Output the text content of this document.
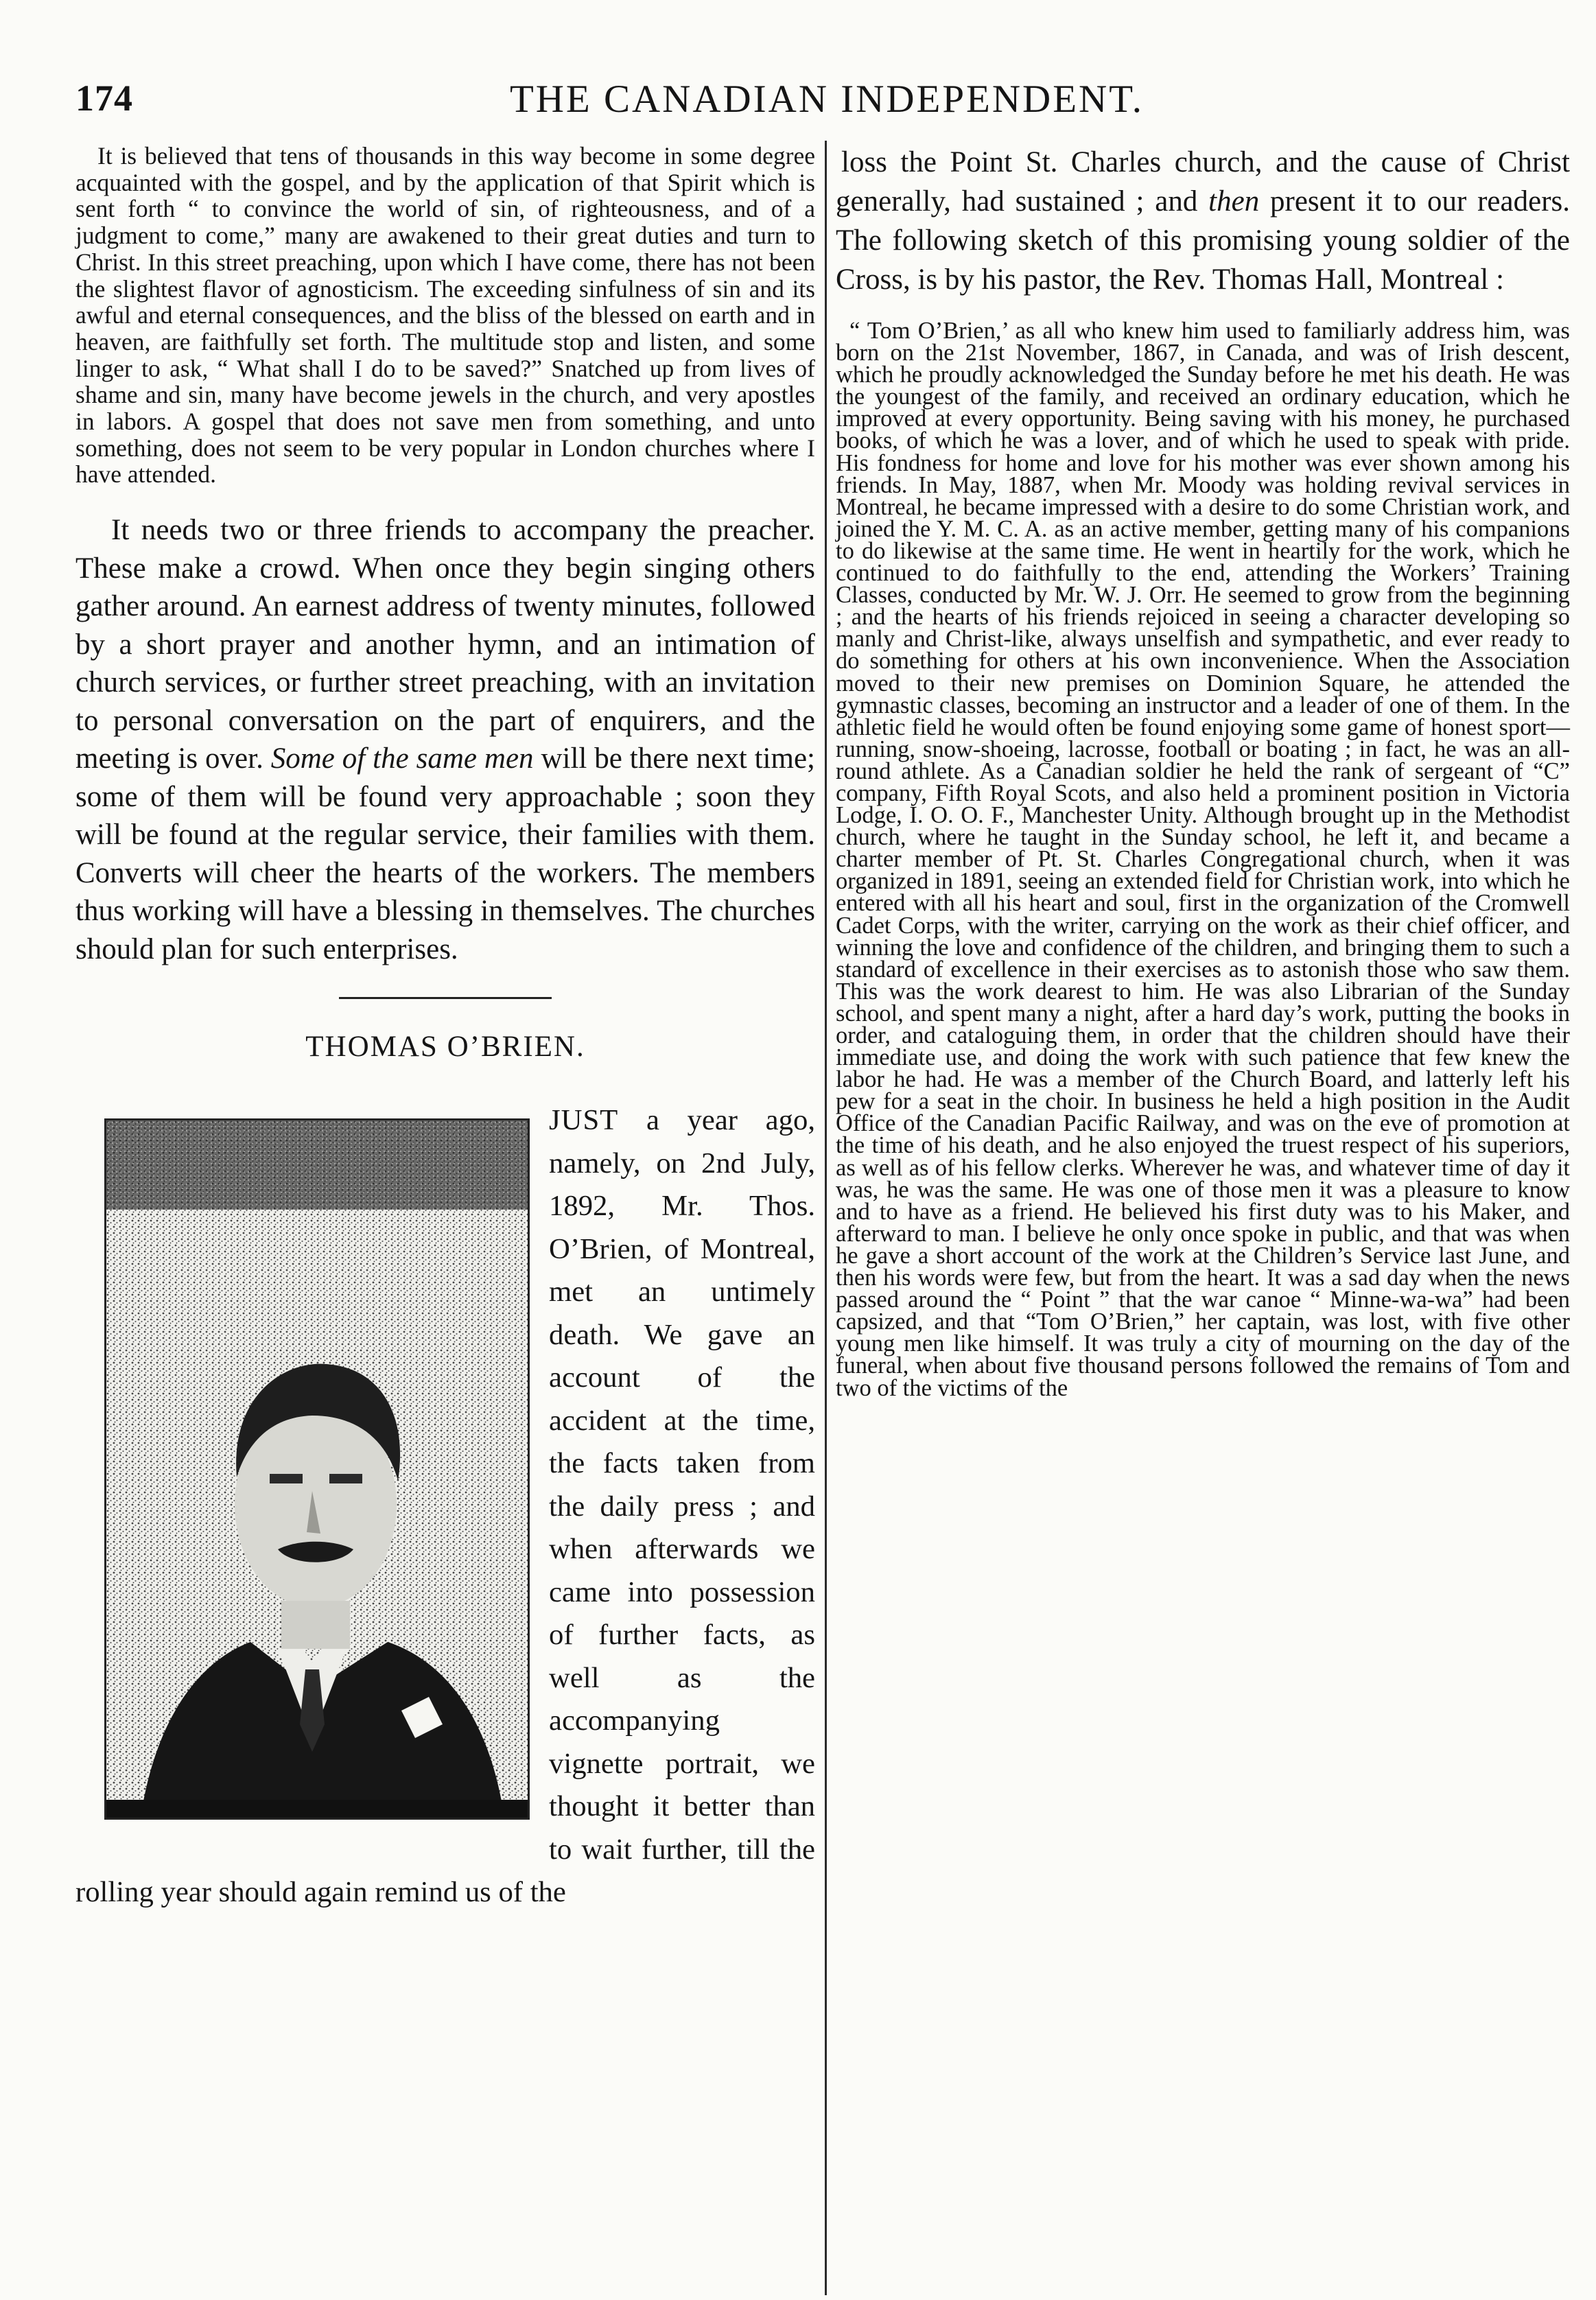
174	THE CANADIAN INDEPENDENT.

It is believed that tens of thousands in this way become in some degree acquainted with the gospel, and by the application of that Spirit which is sent forth “ to convince the world of sin, of righteousness, and of a judgment to come,” many are awakened to their great duties and turn to Christ. In this street preaching, upon which I have come, there has not been the slightest flavor of agnosticism. The exceeding sinfulness of sin and its awful and eternal consequences, and the bliss of the blessed on earth and in heaven, are faithfully set forth. The multitude stop and listen, and some linger to ask, “ What shall I do to be saved?” Snatched up from lives of shame and sin, many have become jewels in the church, and very apostles in labors. A gospel that does not save men from something, and unto something, does not seem to be very popular in London churches where I have attended.

It needs two or three friends to accompany the preacher. These make a crowd. When once they begin singing others gather around. An earnest address of twenty minutes, followed by a short prayer and another hymn, and an intimation of church services, or further street preaching, with an invitation to personal conversation on the part of enquirers, and the meeting is over. Some of the same men will be there next time; some of them will be found very approachable ; soon they will be found at the regular service, their families with them. Converts will cheer the hearts of the workers. The members thus working will have a blessing in themselves. The churches should plan for such enterprises.

THOMAS O’BRIEN.

JUST a year ago, namely, on 2nd July, 1892, Mr. Thos. O’Brien, of Montreal, met an untimely death. We gave an account of the accident at the time, the facts taken from the daily press ; and when afterwards we came into possession of further facts, as well as the accompanying vignette portrait, we thought it better than to wait further, till the rolling year should again remind us of the

loss the Point St. Charles church, and the cause of Christ generally, had sustained ; and then present it to our readers. The following sketch of this promising young soldier of the Cross, is by his pastor, the Rev. Thomas Hall, Montreal :

“ Tom O’Brien,’ as all who knew him used to familiarly address him, was born on the 21st November, 1867, in Canada, and was of Irish descent, which he proudly acknowledged the Sunday before he met his death. He was the youngest of the family, and received an ordinary education, which he improved at every opportunity. Being saving with his money, he purchased books, of which he was a lover, and of which he used to speak with pride. His fondness for home and love for his mother was ever shown among his friends. In May, 1887, when Mr. Moody was holding revival services in Montreal, he became impressed with a desire to do some Christian work, and joined the Y. M. C. A. as an active member, getting many of his companions to do likewise at the same time. He went in heartily for the work, which he continued to do faithfully to the end, attending the Workers’ Training Classes, conducted by Mr. W. J. Orr. He seemed to grow from the beginning ; and the hearts of his friends rejoiced in seeing a character developing so manly and Christ-like, always unselfish and sympathetic, and ever ready to do something for others at his own inconvenience. When the Association moved to their new premises on Dominion Square, he attended the gymnastic classes, becoming an instructor and a leader of one of them. In the athletic field he would often be found enjoying some game of honest sport—running, snow-shoeing, lacrosse, football or boating ; in fact, he was an all-round athlete. As a Canadian soldier he held the rank of sergeant of “C” company, Fifth Royal Scots, and also held a prominent position in Victoria Lodge, I. O. O. F., Manchester Unity. Although brought up in the Methodist church, where he taught in the Sunday school, he left it, and became a charter member of Pt. St. Charles Congregational church, when it was organized in 1891, seeing an extended field for Christian work, into which he entered with all his heart and soul, first in the organization of the Cromwell Cadet Corps, with the writer, carrying on the work as their chief officer, and winning the love and confidence of the children, and bringing them to such a standard of excellence in their exercises as to astonish those who saw them. This was the work dearest to him. He was also Librarian of the Sunday school, and spent many a night, after a hard day’s work, putting the books in order, and cataloguing them, in order that the children should have their immediate use, and doing the work with such patience that few knew the labor he had. He was a member of the Church Board, and latterly left his pew for a seat in the choir. In business he held a high position in the Audit Office of the Canadian Pacific Railway, and was on the eve of promotion at the time of his death, and he also enjoyed the truest respect of his superiors, as well as of his fellow clerks. Wherever he was, and whatever time of day it was, he was the same. He was one of those men it was a pleasure to know and to have as a friend. He believed his first duty was to his Maker, and afterward to man. I believe he only once spoke in public, and that was when he gave a short account of the work at the Children’s Service last June, and then his words were few, but from the heart. It was a sad day when the news passed around the “ Point ” that the war canoe “ Minne-wa-wa” had been capsized, and that “Tom O’Brien,” her captain, was lost, with five other young men like himself. It was truly a city of mourning on the day of the funeral, when about five thousand persons followed the remains of Tom and two of the victims of the
